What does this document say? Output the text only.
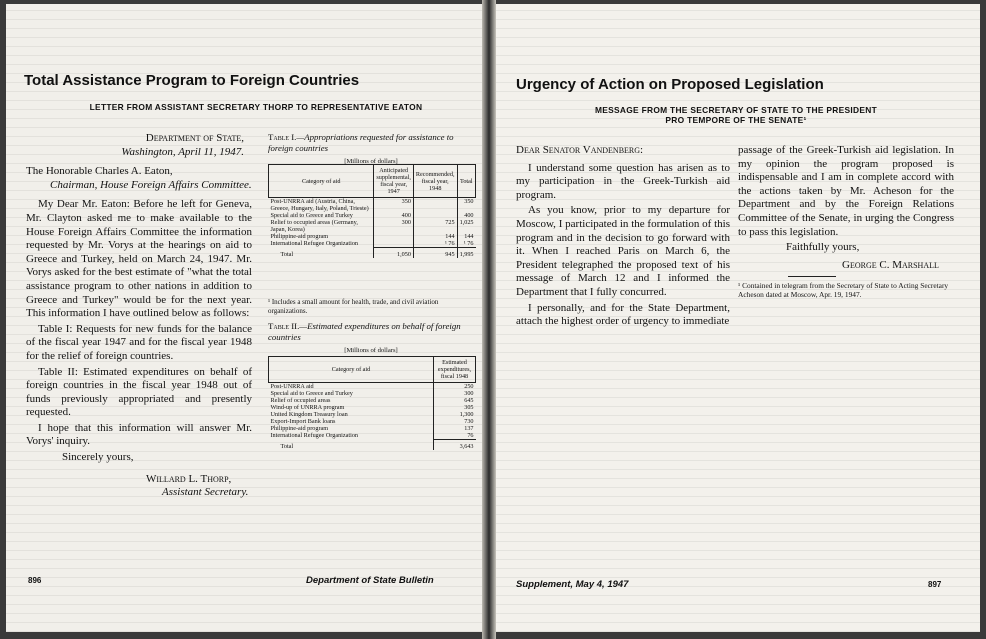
Total Assistance Program to Foreign Countries
LETTER FROM ASSISTANT SECRETARY THORP TO REPRESENTATIVE EATON
Department of State,
Washington, April 11, 1947.
The Honorable Charles A. Eaton,
Chairman, House Foreign Affairs Committee.

My Dear Mr. Eaton: Before he left for Geneva, Mr. Clayton asked me to make available to the House Foreign Affairs Committee the information requested by Mr. Vorys at the hearings on aid to Greece and Turkey, held on March 24, 1947. Mr. Vorys asked for the best estimate of "what the total assistance program to other nations in addition to Greece and Turkey" would be for the next year. This information I have outlined below as follows:

Table I: Requests for new funds for the balance of the fiscal year 1947 and for the fiscal year 1948 for the relief of foreign countries.

Table II: Estimated expenditures on behalf of foreign countries in the fiscal year 1948 out of funds previously appropriated and presently requested.

I hope that this information will answer Mr. Vorys' inquiry.

Sincerely yours,
Willard L. Thorp,
Assistant Secretary.
Table I.—Appropriations requested for assistance to foreign countries
[Millions of dollars]
Category of aid	Anticipated supplemental, fiscal year, 1947	Recommended, fiscal year, 1948	Total
Post-UNRRA aid (Austria, China, Greece, Hungary, Italy, Poland, Trieste)	350		350
Special aid to Greece and Turkey	400		400
Relief to occupied areas (Germany, Japan, Korea)	300	725	1,025
Philippine-aid program		144	144
International Refugee Organization		¹ 76	¹ 76
Total	1,050	945	1,995
¹ Includes a small amount for health, trade, and civil aviation organizations.
Table II.—Estimated expenditures on behalf of foreign countries
[Millions of dollars]
Category of aid	Estimated expenditures, fiscal 1948
Post-UNRRA aid	250
Special aid to Greece and Turkey	300
Relief of occupied areas	645
Wind-up of UNRRA program	305
United Kingdom Treasury loan	1,300
Export-Import Bank loans	730
Philippine-aid program	137
International Refugee Organization	76
Total	3,643
896	Department of State Bulletin
Urgency of Action on Proposed Legislation
MESSAGE FROM THE SECRETARY OF STATE TO THE PRESIDENT
PRO TEMPORE OF THE SENATE¹
Dear Senator Vandenberg:

I understand some question has arisen as to my participation in the Greek-Turkish aid program.

As you know, prior to my departure for Moscow, I participated in the formulation of this program and in the decision to go forward with it. When I reached Paris on March 6, the President telegraphed the proposed text of his message of March 12 and I informed the Department that I fully concurred.

I personally, and for the State Department, attach the highest order of urgency to immediate

passage of the Greek-Turkish aid legislation. In my opinion the program proposed is indispensable and I am in complete accord with the actions taken by Mr. Acheson for the Department and by the Foreign Relations Committee of the Senate, in urging the Congress to pass this legislation.

Faithfully yours,
George C. Marshall
¹ Contained in telegram from the Secretary of State to Acting Secretary Acheson dated at Moscow, Apr. 19, 1947.
Supplement, May 4, 1947	897
